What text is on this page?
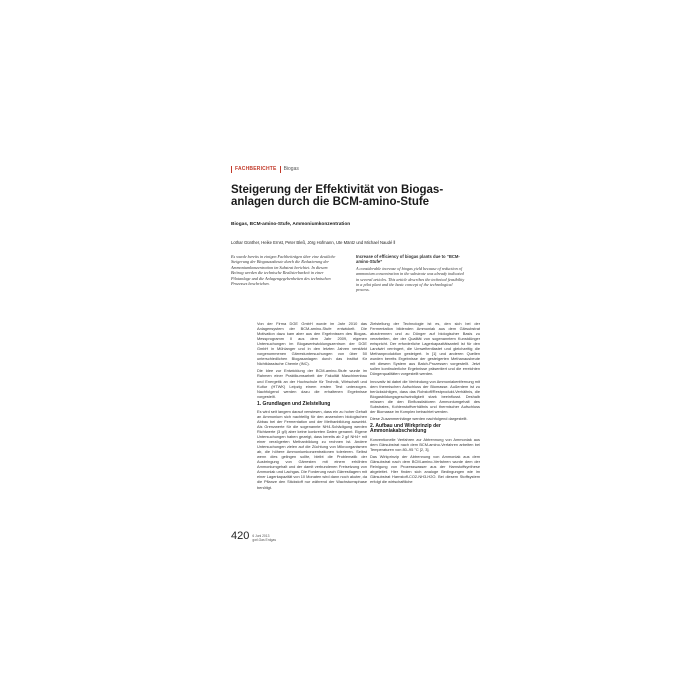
FACHBERICHTE Biogas
Steigerung der Effektivität von Biogasanlagen durch die BCM-amino-Stufe
Biogas, BCM-amino-Stufe, Ammoniumkonzentration
Lothar Günther, Heike Ernst, Peter Bleß, Jörg Hofmann, Ute Mäntz und Michael Naudé ll
Es wurde bereits in einigen Fachbeiträgen über eine deutliche Steigerung der Biogasausbeute durch die Reduzierung der Ammoniumkonzentration im Substrat berichtet. In diesem Beitrag werden die technische Realisierbarkeit in einer Pilotanlage und die Anlagengegebenheiten des technischen Prozesses beschrieben.
Increase of efficiency of biogas plants due to “BCM-amino-Stufe”
A considerable increase of biogas yield because of reduction of ammonium concentration in the substrate was already indicated in several articles. This article describes the technical feasibility in a pilot plant and the basic concept of the technological process.

Von der Firma DGE GmbH wurde im Jahr 2010 das Anlagensystem der BCM-amino-Stufe entwickelt. Die Motivation dazu kam aber aus den Ergebnissen des Biogas-Messprogramm II aus dem Jahr 2009, eigenen Untersuchungen im Biogasentwicklungszentrum der DGE GmbH in Mühlanger und in den letzten Jahren verstärkt vorgenommenen Gärrestuntersuchungen von über 50 unterschiedlichen Biogasanlagen durch das Institut für Nichtklassische Chemie (INC).

Die Idee zur Entwicklung der BCM-amino-Stufe wurde im Rahmen einer Praktikumsarbeit der Fakultät Maschinenbau und Energetik an der Hochschule für Technik, Wirtschaft und Kultur (HTWK) Leipzig einem ersten Test unterzogen. Nachfolgend werden dazu die erhaltenen Ergebnisse vorgestellt.

1. Grundlagen und Zielstellung

Es wird seit langem darauf verwiesen, dass ein zu hoher Gehalt an Ammonium sich nachteilig für den anaeroben biologischen Abbau bei der Fermentation und der Methanbildung auswirkt. Als Grenzwerte für die sogenannte NH4-Schädigung werden Richtwerte (3 g/l) aber keine konkreten Daten genannt. Eigene Untersuchungen haben gezeigt, dass bereits ab 2 g/l NH4+ mit einer verzögerten Methanbildung zu rechnen ist. Andere Untersuchungen zielen auf die Züchtung von Mikroorganismen ab, die höhere Ammoniumkonzentrationen tolerieren. Selbst wenn dies gelingen sollte, bleibt die Problematik der Ausbringung von Gärresten mit einem erhöhten Ammoniumgehalt und der damit verbundenen Freisetzung von Ammoniak und Lachgas. Die Forderung nach Gärrestlagern mit einer Lagerkapazität von 10 Monaten wird dann noch akuter, da die Pflanze den Stickstoff nur während der Wachstumsphase benötigt.

Zielstellung der Technologie ist es, den sich bei der Fermentation bildenden Ammoniak aus dem Gärsubstrat abzutrennen und zu Dünger auf biologischer Basis zu verarbeiten, der der Qualität von sogenanntem Kunstdünger entspricht. Der erforderliche Lagerkapazitätsanteil ist für den Landwirt verringert, die Umweltentlastet und gleichzeitig die Methanproduktion gesteigert. In [1] und anderen Quellen wurden bereits Ergebnisse der gesteigerten Methanausbeute mit diesem System aus Batch-Prozessen vorgestellt. Jetzt sollen kontinuierliche Ergebnisse präsentiert und die erreichten Düngerqualitäten vorgestellt werden.

Innovativ ist dabei die Verbindung von Ammoniakentfernung mit dem thermischen Aufschluss der Biomasse. Außerdem ist zu berücksichtigen, dass das Rohstoff/Restprodukt-Verhältnis, die Biogasbildungsgeschwindigkeit stark beeinflusst. Deshalb müssen die den Einflussfaktoren Ammoniumgehalt des Substrates, Kohlenstoffverhältnis und thermischer Aufschluss der Biomasse im Komplex betrachtet werden.

Diese Zusammenhänge werden nachfolgend dargestellt.

2. Aufbau und Wirkprinzip der Ammoniakabscheidung

Konventionelle Verfahren zur Abtrennung von Ammoniak aus dem Gärsubstrat nach dem BCM-amino-Verfahren arbeiten bei Temperaturen von 80–95 °C [2, 3].

Das Wirkprinzip der Abtrennung von Ammoniak aus dem Gärsubstrat nach dem BCM-amino-Verfahren wurde dem der Reinigung von Prozesswasser aus der Harnstoffsynthese abgeleitet. Hier finden sich analoge Bedingungen wie im Gärsubstrat Harnstoff-CO2-NH3-H2O. Bei diesem Stoffsystem erfolgt die wirtschaftliche

420 6 Juni 2013
gwf-Gas Erdgas
